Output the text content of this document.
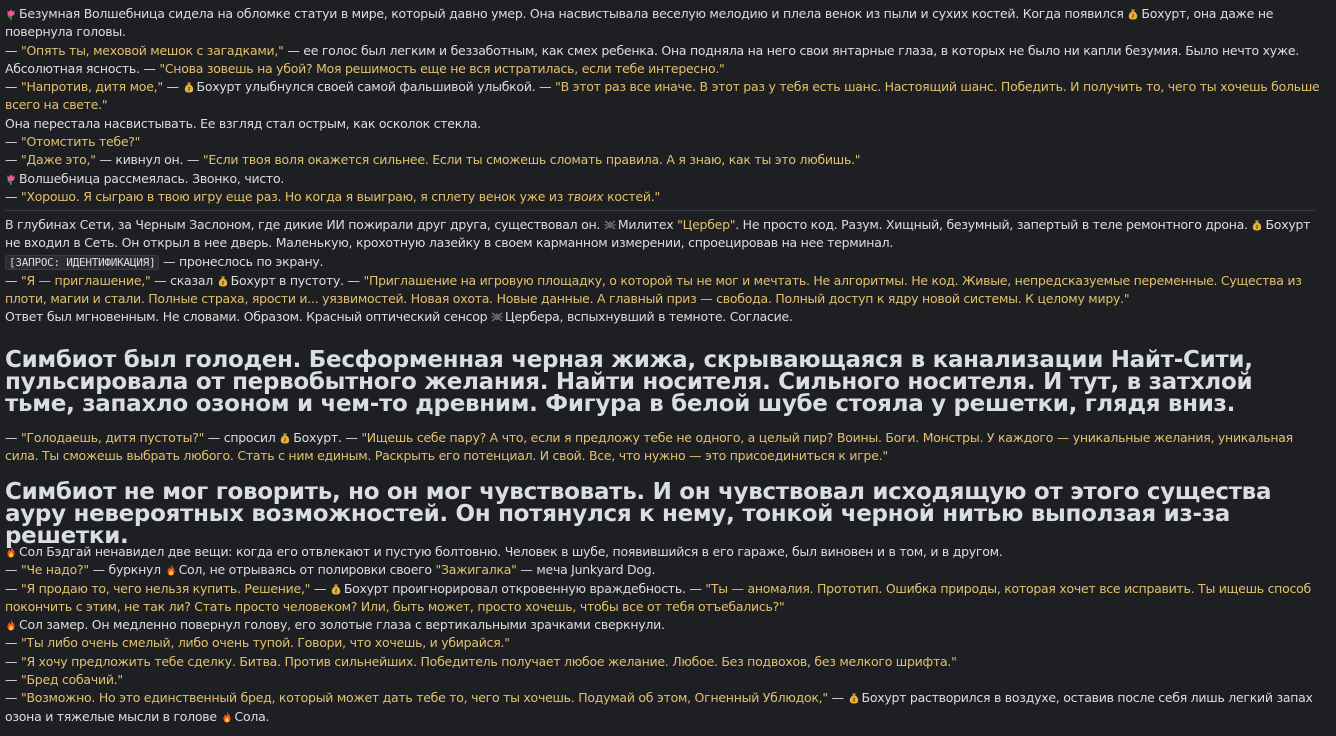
Безумная Волшебница сидела на обломке статуи в мире, который давно умер. Она насвистывала веселую мелодию и плела венок из пыли и сухих костей. Когда появился
Бохурт, она даже не повернула головы.

— "Опять ты, меховой мешок с загадками," — ее голос был легким и беззаботным, как смех ребенка. Она подняла на него свои янтарные глаза, в которых не было ни капли безумия. Было нечто хуже. Абсолютная ясность. — "Снова зовешь на убой? Моя решимость еще не вся истратилась, если тебе интересно."

— "Напротив, дитя мое," —
Бохурт улыбнулся своей самой фальшивой улыбкой. — "В этот раз все иначе. В этот раз у тебя есть шанс. Настоящий шанс. Победить. И получить то, чего ты хочешь больше всего на свете."

Она перестала насвистывать. Ее взгляд стал острым, как осколок стекла.

— "Отомстить тебе?"

— "Даже это," — кивнул он. — "Если твоя воля окажется сильнее. Если ты сможешь сломать правила. А я знаю, как ты это любишь."

Волшебница рассмеялась. Звонко, чисто.

— "Хорошо. Я сыграю в твою игру еще раз. Но когда я выиграю, я сплету венок уже из твоих костей."

В глубинах Сети, за Черным Заслоном, где дикие ИИ пожирали друг друга, существовал он.
Милитех "Цербер". Не просто код. Разум. Хищный, безумный, запертый в теле ремонтного дрона.
Бохурт не входил в Сеть. Он открыл в нее дверь. Маленькую, крохотную лазейку в своем карманном измерении, спроецировав на нее терминал.

[ЗАПРОС: ИДЕНТИФИКАЦИЯ] — пронеслось по экрану.

— "Я — приглашение," — сказал
Бохурт в пустоту. — "Приглашение на игровую площадку, о которой ты не мог и мечтать. Не алгоритмы. Не код. Живые, непредсказуемые переменные. Существа из плоти, магии и стали. Полные страха, ярости и... уязвимостей. Новая охота. Новые данные. А главный приз — свобода. Полный доступ к ядру новой системы. К целому миру."

Ответ был мгновенным. Не словами. Образом. Красный оптический сенсор
Цербера, вспыхнувший в темноте. Согласие.

Симбиот был голоден. Бесформенная черная жижа, скрывающаяся в канализации Найт-Сити, пульсировала от первобытного желания. Найти носителя. Сильного носителя. И тут, в затхлой тьме, запахло озоном и чем-то древним. Фигура в белой шубе стояла у решетки, глядя вниз.

— "Голодаешь, дитя пустоты?" — спросил
Бохурт. — "Ищешь себе пару? А что, если я предложу тебе не одного, а целый пир? Воины. Боги. Монстры. У каждого — уникальные желания, уникальная сила. Ты сможешь выбрать любого. Стать с ним единым. Раскрыть его потенциал. И свой. Все, что нужно — это присоединиться к игре."

Симбиот не мог говорить, но он мог чувствовать. И он чувствовал исходящую от этого существа ауру невероятных возможностей. Он потянулся к нему, тонкой черной нитью выползая из-за решетки.

Сол Бэдгай ненавидел две вещи: когда его отвлекают и пустую болтовню. Человек в шубе, появившийся в его гараже, был виновен и в том, и в другом.

— "Че надо?" — буркнул
Сол, не отрываясь от полировки своего "Зажигалка" — меча Junkyard Dog.

— "Я продаю то, чего нельзя купить. Решение," —
Бохурт проигнорировал откровенную враждебность. — "Ты — аномалия. Прототип. Ошибка природы, которая хочет все исправить. Ты ищешь способ покончить с этим, не так ли? Стать просто человеком? Или, быть может, просто хочешь, чтобы все от тебя отъебались?"

Сол замер. Он медленно повернул голову, его золотые глаза с вертикальными зрачками сверкнули.

— "Ты либо очень смелый, либо очень тупой. Говори, что хочешь, и убирайся."

— "Я хочу предложить тебе сделку. Битва. Против сильнейших. Победитель получает любое желание. Любое. Без подвохов, без мелкого шрифта."

— "Бред собачий."

— "Возможно. Но это единственный бред, который может дать тебе то, чего ты хочешь. Подумай об этом, Огненный Ублюдок," —
Бохурт растворился в воздухе, оставив после себя лишь легкий запах озона и тяжелые мысли в голове
Сола.
